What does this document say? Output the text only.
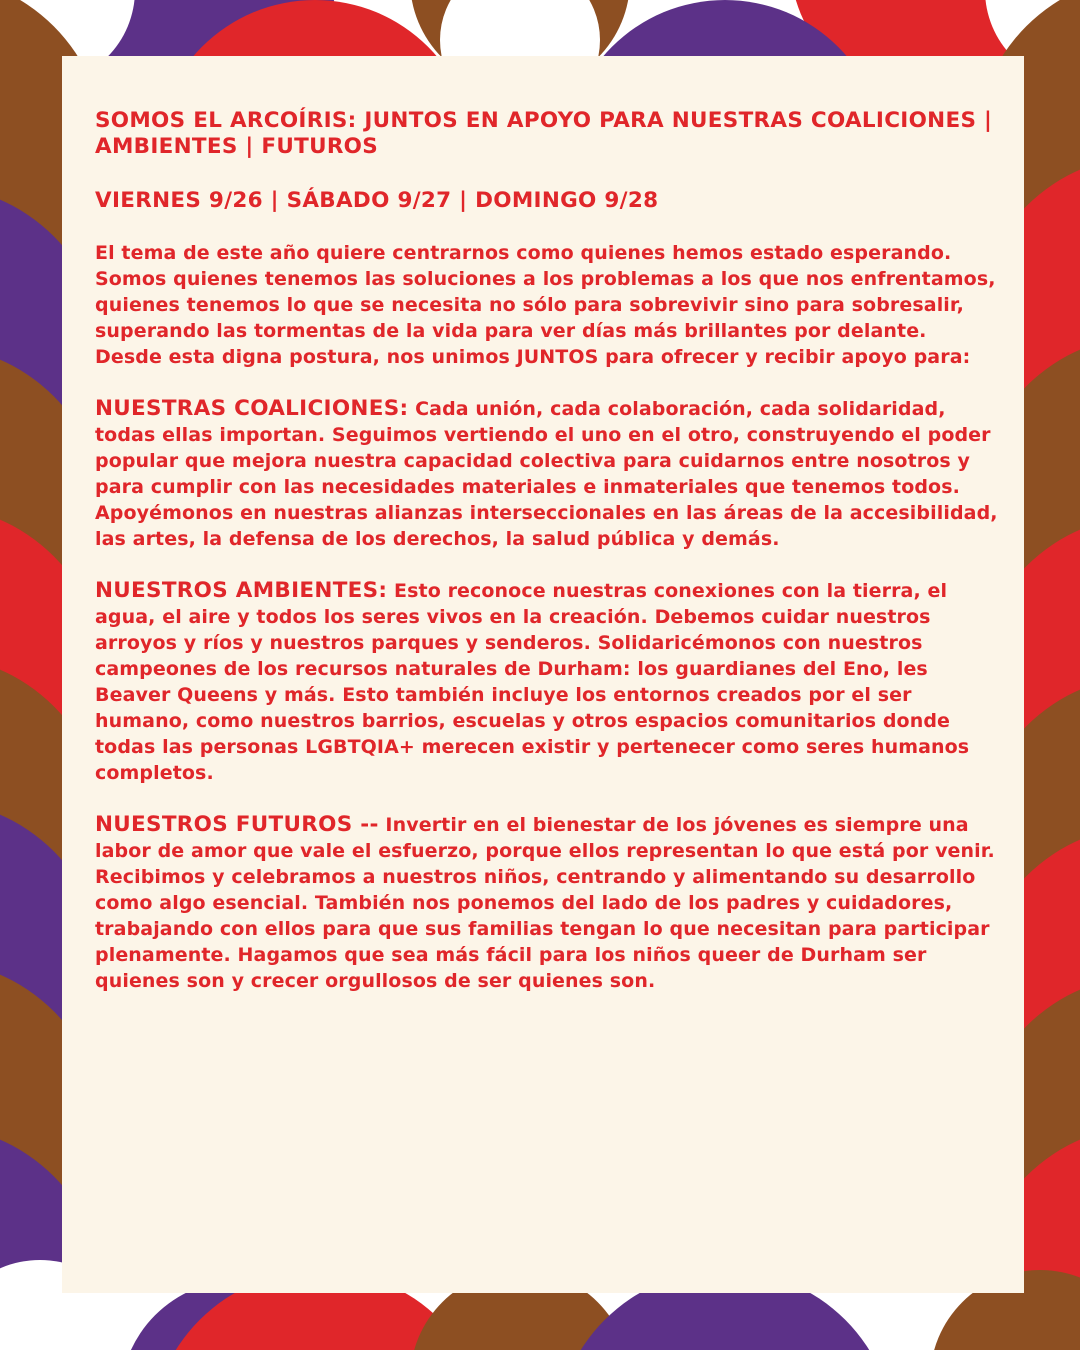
SOMOS EL ARCOÍRIS: JUNTOS EN APOYO PARA NUESTRAS COALICIONES | AMBIENTES | FUTUROS

VIERNES 9/26 | SÁBADO 9/27 | DOMINGO 9/28

El tema de este año quiere centrarnos como quienes hemos estado esperando. Somos quienes tenemos las soluciones a los problemas a los que nos enfrentamos, quienes tenemos lo que se necesita no sólo para sobrevivir sino para sobresalir, superando las tormentas de la vida para ver días más brillantes por delante. Desde esta digna postura, nos unimos JUNTOS para ofrecer y recibir apoyo para:

NUESTRAS COALICIONES: Cada unión, cada colaboración, cada solidaridad, todas ellas importan. Seguimos vertiendo el uno en el otro, construyendo el poder popular que mejora nuestra capacidad colectiva para cuidarnos entre nosotros y para cumplir con las necesidades materiales e inmateriales que tenemos todos. Apoyémonos en nuestras alianzas interseccionales en las áreas de la accesibilidad, las artes, la defensa de los derechos, la salud pública y demás.

NUESTROS AMBIENTES: Esto reconoce nuestras conexiones con la tierra, el agua, el aire y todos los seres vivos en la creación. Debemos cuidar nuestros arroyos y ríos y nuestros parques y senderos. Solidaricémonos con nuestros campeones de los recursos naturales de Durham: los guardianes del Eno, les Beaver Queens y más. Esto también incluye los entornos creados por el ser humano, como nuestros barrios, escuelas y otros espacios comunitarios donde todas las personas LGBTQIA+ merecen existir y pertenecer como seres humanos completos.

NUESTROS FUTUROS -- Invertir en el bienestar de los jóvenes es siempre una labor de amor que vale el esfuerzo, porque ellos representan lo que está por venir. Recibimos y celebramos a nuestros niños, centrando y alimentando su desarrollo como algo esencial. También nos ponemos del lado de los padres y cuidadores, trabajando con ellos para que sus familias tengan lo que necesitan para participar plenamente. Hagamos que sea más fácil para los niños queer de Durham ser quienes son y crecer orgullosos de ser quienes son.
